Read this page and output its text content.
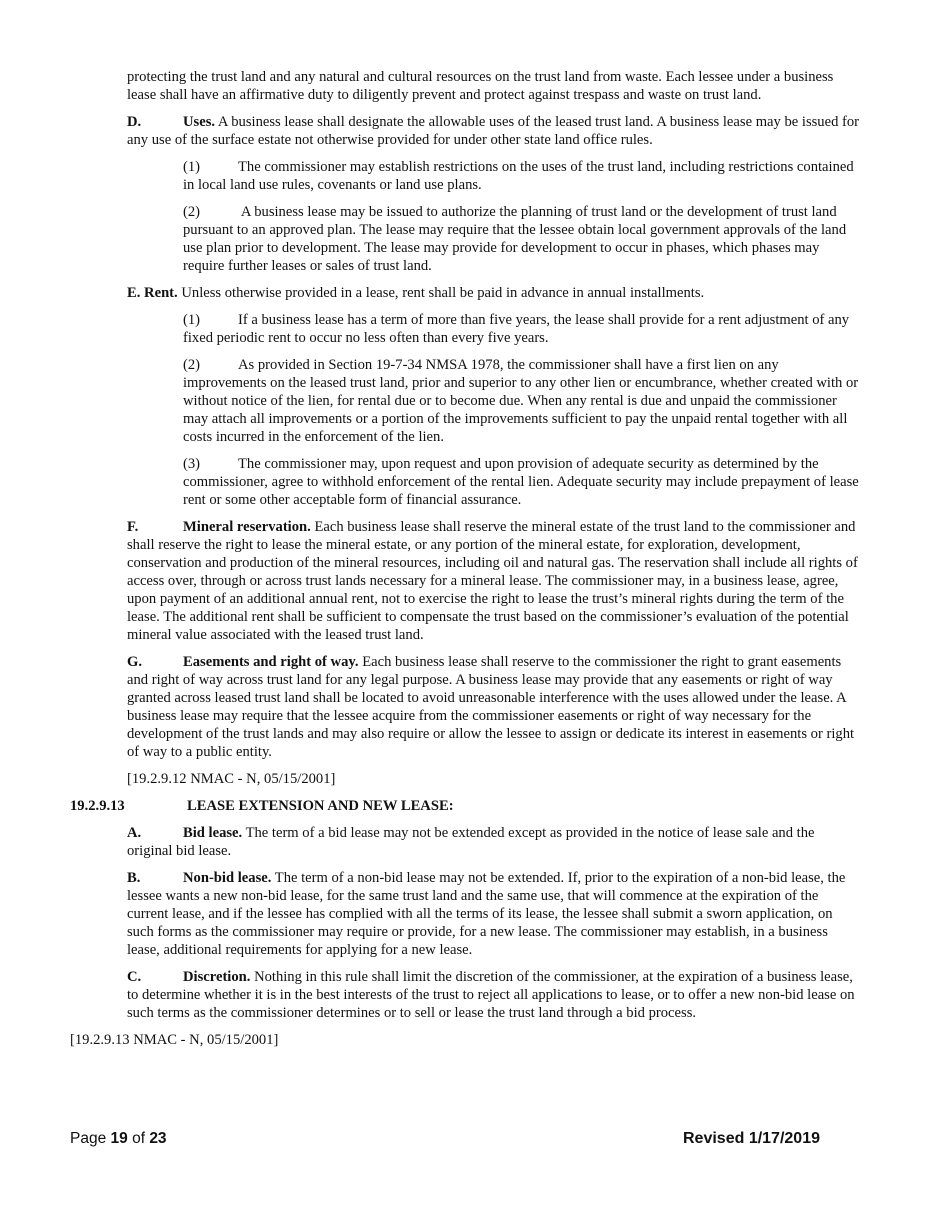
protecting the trust land and any natural and cultural resources on the trust land from waste. Each lessee under a business lease shall have an affirmative duty to diligently prevent and protect against trespass and waste on trust land.

D.	Uses. A business lease shall designate the allowable uses of the leased trust land. A business lease may be issued for any use of the surface estate not otherwise provided for under other state land office rules.

(1)	The commissioner may establish restrictions on the uses of the trust land, including restrictions contained in local land use rules, covenants or land use plans.

(2)	A business lease may be issued to authorize the planning of trust land or the development of trust land pursuant to an approved plan. The lease may require that the lessee obtain local government approvals of the land use plan prior to development. The lease may provide for development to occur in phases, which phases may require further leases or sales of trust land.

E. Rent. Unless otherwise provided in a lease, rent shall be paid in advance in annual installments.

(1)	If a business lease has a term of more than five years, the lease shall provide for a rent adjustment of any fixed periodic rent to occur no less often than every five years.

(2)	As provided in Section 19-7-34 NMSA 1978, the commissioner shall have a first lien on any improvements on the leased trust land, prior and superior to any other lien or encumbrance, whether created with or without notice of the lien, for rental due or to become due. When any rental is due and unpaid the commissioner may attach all improvements or a portion of the improvements sufficient to pay the unpaid rental together with all costs incurred in the enforcement of the lien.

(3)	The commissioner may, upon request and upon provision of adequate security as determined by the commissioner, agree to withhold enforcement of the rental lien. Adequate security may include prepayment of lease rent or some other acceptable form of financial assurance.

F.	Mineral reservation. Each business lease shall reserve the mineral estate of the trust land to the commissioner and shall reserve the right to lease the mineral estate, or any portion of the mineral estate, for exploration, development, conservation and production of the mineral resources, including oil and natural gas. The reservation shall include all rights of access over, through or across trust lands necessary for a mineral lease. The commissioner may, in a business lease, agree, upon payment of an additional annual rent, not to exercise the right to lease the trust’s mineral rights during the term of the lease. The additional rent shall be sufficient to compensate the trust based on the commissioner’s evaluation of the potential mineral value associated with the leased trust land.

G.	Easements and right of way. Each business lease shall reserve to the commissioner the right to grant easements and right of way across trust land for any legal purpose. A business lease may provide that any easements or right of way granted across leased trust land shall be located to avoid unreasonable interference with the uses allowed under the lease. A business lease may require that the lessee acquire from the commissioner easements or right of way necessary for the development of the trust lands and may also require or allow the lessee to assign or dedicate its interest in easements or right of way to a public entity.

[19.2.9.12 NMAC - N, 05/15/2001]

19.2.9.13	LEASE EXTENSION AND NEW LEASE:

A.	Bid lease. The term of a bid lease may not be extended except as provided in the notice of lease sale and the original bid lease.

B.	Non-bid lease. The term of a non-bid lease may not be extended. If, prior to the expiration of a non-bid lease, the lessee wants a new non-bid lease, for the same trust land and the same use, that will commence at the expiration of the current lease, and if the lessee has complied with all the terms of its lease, the lessee shall submit a sworn application, on such forms as the commissioner may require or provide, for a new lease. The commissioner may establish, in a business lease, additional requirements for applying for a new lease.

C.	Discretion. Nothing in this rule shall limit the discretion of the commissioner, at the expiration of a business lease, to determine whether it is in the best interests of the trust to reject all applications to lease, or to offer a new non-bid lease on such terms as the commissioner determines or to sell or lease the trust land through a bid process.

[19.2.9.13 NMAC - N, 05/15/2001]

Page 19 of 23	Revised 1/17/2019
